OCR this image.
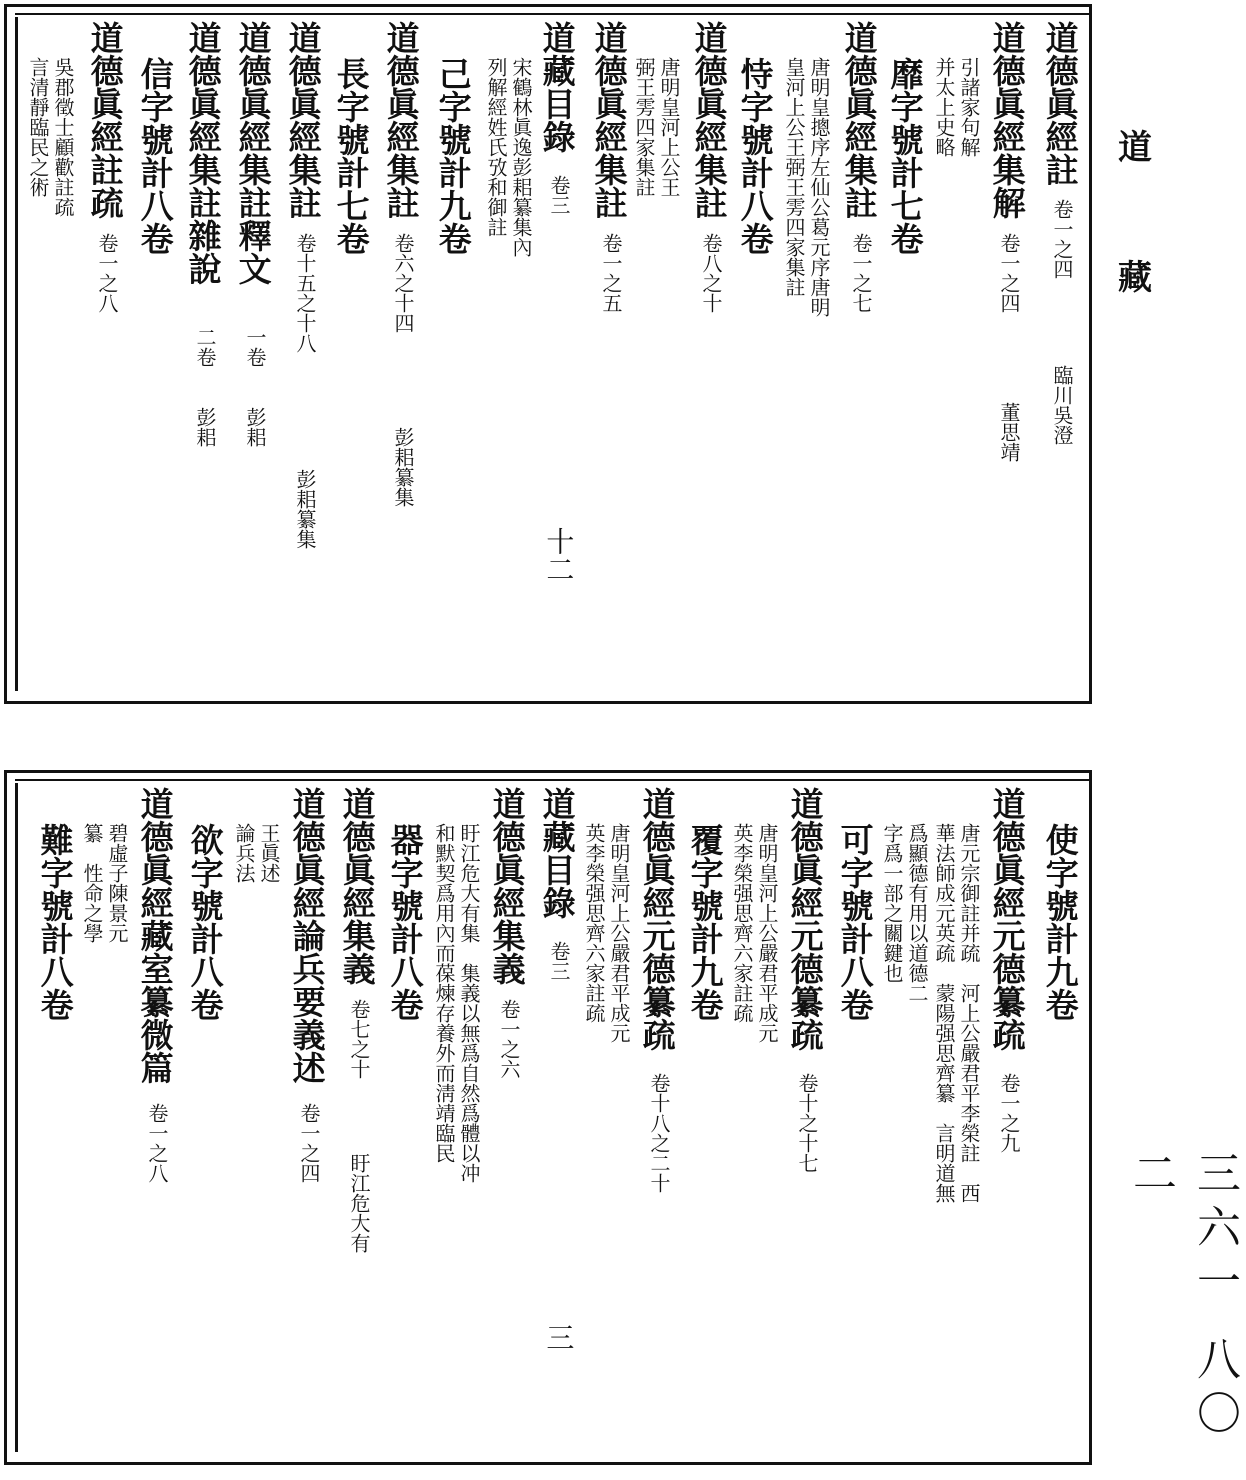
道
藏
三六一 八〇二
道德眞經註
卷一之四
臨川吳澄
道德眞經集解
卷一之四
董思靖
引諸家句解
并太上史略
靡字號計七卷
道德眞經集註
卷一之七
唐明皇摠序左仙公葛元序唐明
皇河上公王弼王雱四家集註
恃字號計八卷
道德眞經集註
卷八之十
唐明皇河上公王
弼王雱四家集註
道德眞經集註
卷一之五
道藏目錄
卷三
十二
宋鶴林眞逸彭耜纂集內
列解經姓氏攷和御註
己字號計九卷
道德眞經集註
卷六之十四
彭耜纂集
長字號計七卷
道德眞經集註
卷十五之十八
彭耜纂集
道德眞經集註釋文
一卷
彭耜
道德眞經集註雜說
二卷
彭耜
信字號計八卷
道德眞經註疏
卷一之八
吳郡徵士顧歡註疏
言清靜臨民之術
使字號計九卷
道德眞經元德纂疏
卷一之九
唐元宗御註并疏　河上公嚴君平李榮註　西
華法師成元英疏　蒙陽强思齊纂　言明道無
爲顯德有用以道德二
字爲一部之關鍵也
可字號計八卷
道德眞經元德纂疏
卷十之十七
唐明皇河上公嚴君平成元
英李榮强思齊六家註疏
覆字號計九卷
道德眞經元德纂疏
卷十八之二十
唐明皇河上公嚴君平成元
英李榮强思齊六家註疏
道藏目錄
卷三
三
道德眞經集義
卷一之六
盱江危大有集　集義以無爲自然爲體以冲
和默契爲用內而葆煉存養外而淸靖臨民
器字號計八卷
道德眞經集義
卷七之十
盱江危大有
道德眞經論兵要義述
卷一之四
王眞述
論兵法
欲字號計八卷
道德眞經藏室纂微篇
卷一之八
碧虛子陳景元
纂　性命之學
難字號計八卷
